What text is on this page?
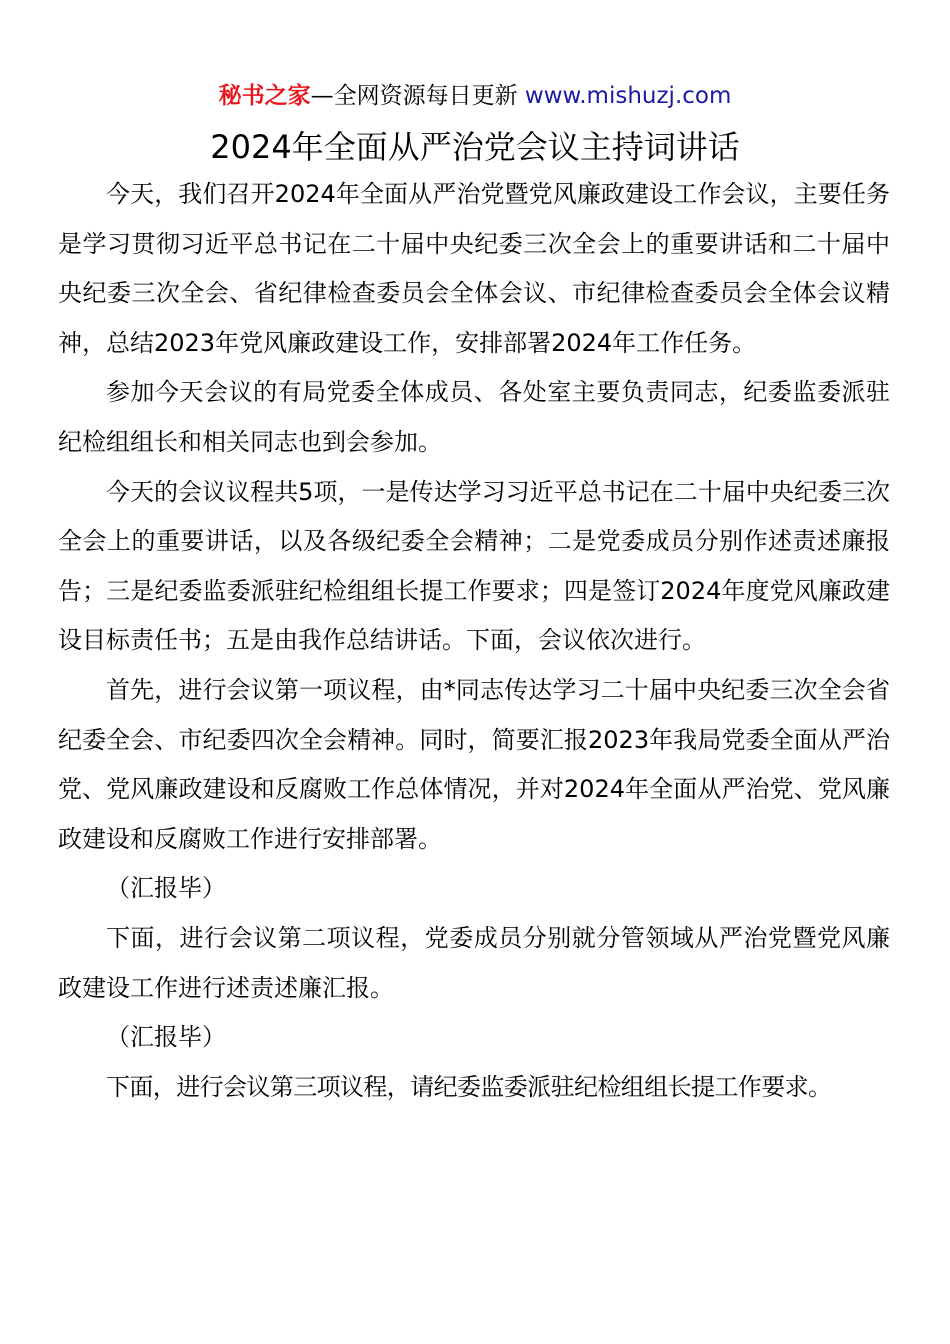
秘书之家—全网资源每日更新 www.mishuzj.com
2024年全面从严治党会议主持词讲话

今天，我们召开2024年全面从严治党暨党风廉政建设工作会议，主要任务是学习贯彻习近平总书记在二十届中央纪委三次全会上的重要讲话和二十届中央纪委三次全会、省纪律检查委员会全体会议、市纪律检查委员会全体会议精神，总结2023年党风廉政建设工作，安排部署2024年工作任务。

参加今天会议的有局党委全体成员、各处室主要负责同志，纪委监委派驻纪检组组长和相关同志也到会参加。

今天的会议议程共5项，一是传达学习习近平总书记在二十届中央纪委三次全会上的重要讲话，以及各级纪委全会精神；二是党委成员分别作述责述廉报告；三是纪委监委派驻纪检组组长提工作要求；四是签订2024年度党风廉政建设目标责任书；五是由我作总结讲话。下面，会议依次进行。

首先，进行会议第一项议程，由*同志传达学习二十届中央纪委三次全会省纪委全会、市纪委四次全会精神。同时，简要汇报2023年我局党委全面从严治党、党风廉政建设和反腐败工作总体情况，并对2024年全面从严治党、党风廉政建设和反腐败工作进行安排部署。

（汇报毕）

下面，进行会议第二项议程，党委成员分别就分管领域从严治党暨党风廉政建设工作进行述责述廉汇报。

（汇报毕）

下面，进行会议第三项议程，请纪委监委派驻纪检组组长提工作要求。
